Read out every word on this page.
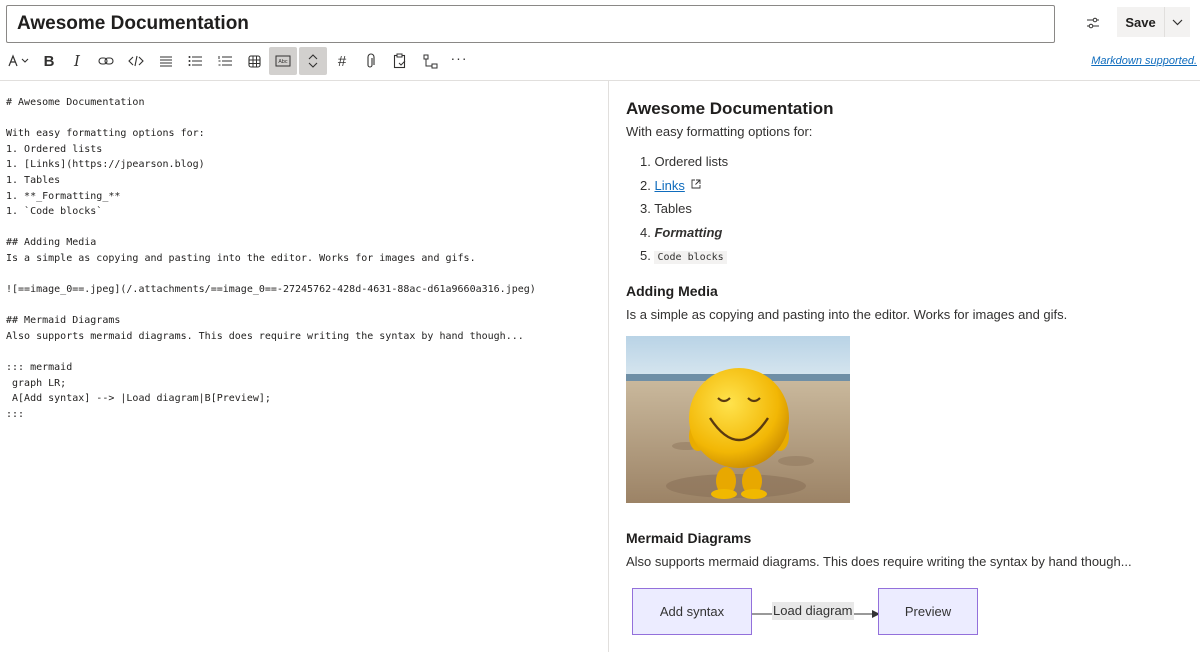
Awesome Documentation	Save
B I	Abc	#	···	Markdown supported.
# Awesome Documentation
With easy formatting options for:
1. Ordered lists
1. [Links](https://jpearson.blog)
1. Tables
1. **_Formatting_**
1. `Code blocks`
## Adding Media
Is a simple as copying and pasting into the editor. Works for images and gifs.
![==image_0==.jpeg](/.attachments/==image_0==-27245762-428d-4631-88ac-d61a9660a316.jpeg)
## Mermaid Diagrams
Also supports mermaid diagrams. This does require writing the syntax by hand though...
::: mermaid
graph LR;
A[Add syntax] --> |Load diagram|B[Preview];
:::
Awesome Documentation
With easy formatting options for:
1. Ordered lists
2. Links
3. Tables
4. Formatting
5. Code blocks
Adding Media
Is a simple as copying and pasting into the editor. Works for images and gifs.
Mermaid Diagrams
Also supports mermaid diagrams. This does require writing the syntax by hand though...
Add syntax	Load diagram	Preview
